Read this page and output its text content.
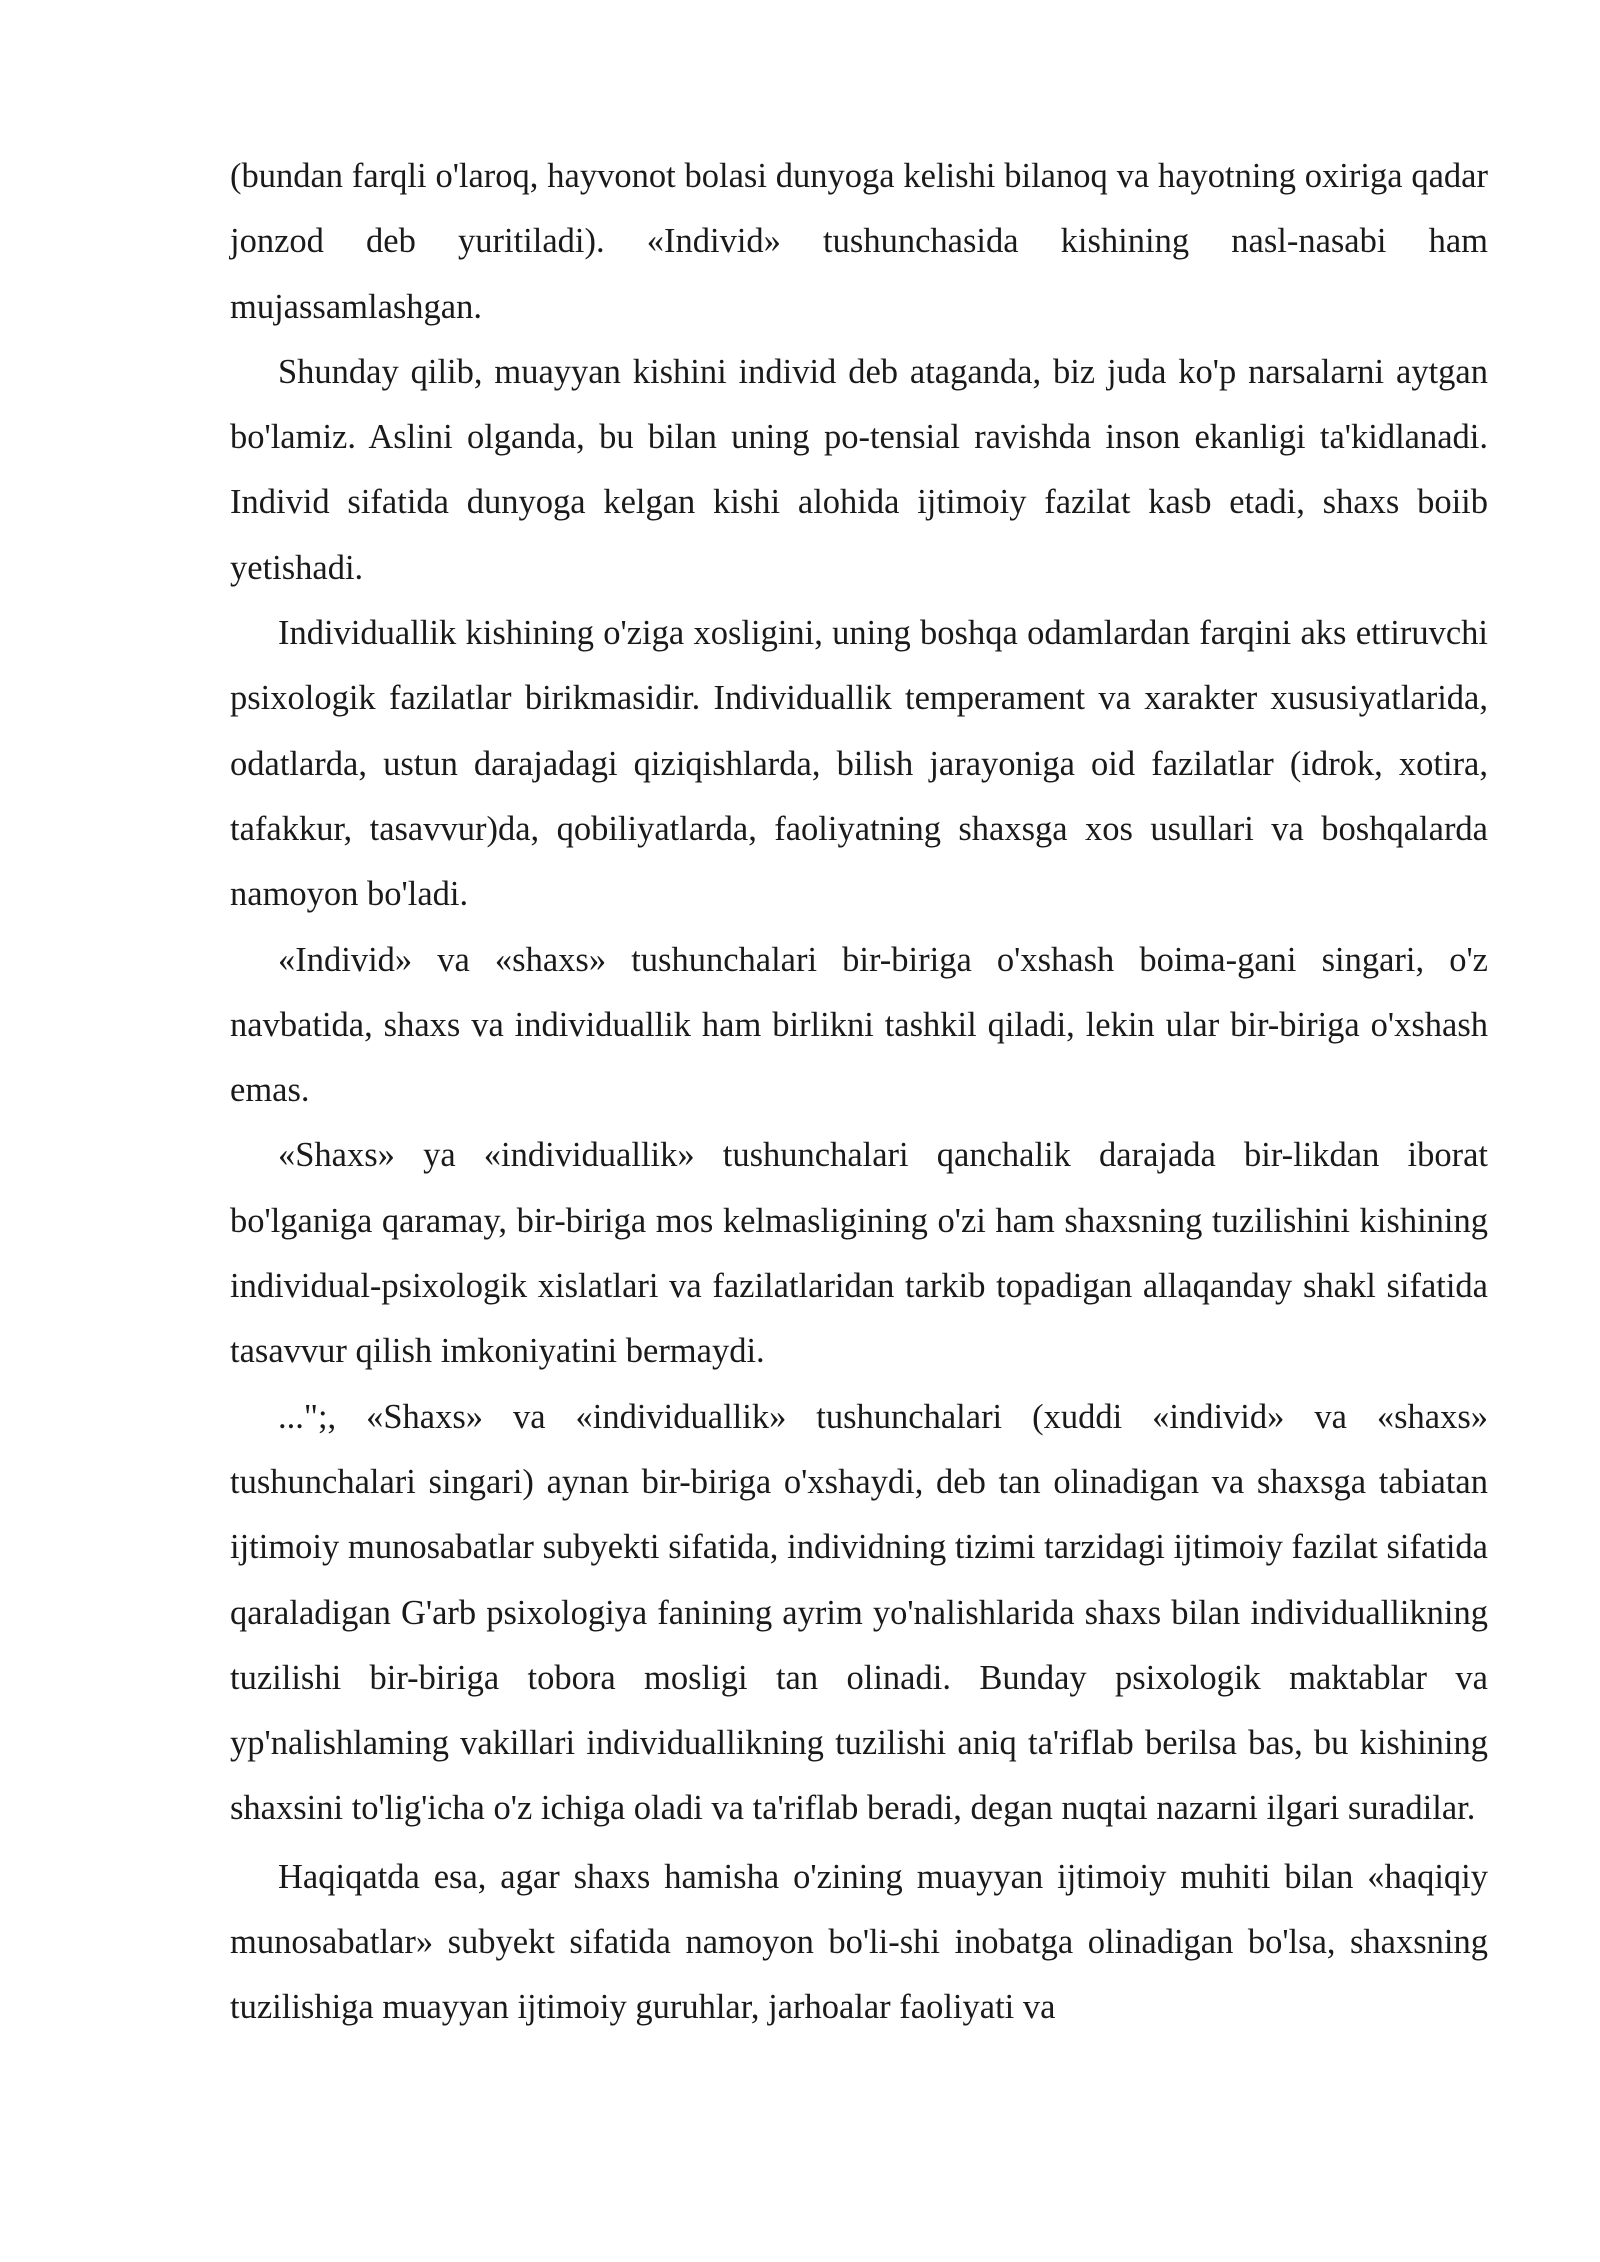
(bundan farqli o'laroq, hayvonot bolasi dunyoga kelishi bilanoq va hayotning oxiriga qadar jonzod deb yuritiladi). «Individ» tushunchasida kishining nasl-nasabi ham mujassamlashgan.

Shunday qilib, muayyan kishini individ deb ataganda, biz juda ko'p narsalarni aytgan bo'lamiz. Aslini olganda, bu bilan uning po-tensial ravishda inson ekanligi ta'kidlanadi. Individ sifatida dunyoga kelgan kishi alohida ijtimoiy fazilat kasb etadi, shaxs boiib yetishadi.

Individuallik kishining o'ziga xosligini, uning boshqa odamlardan farqini aks ettiruvchi psixologik fazilatlar birikmasidir. Individuallik temperament va xarakter xususiyatlarida, odatlarda, ustun darajadagi qiziqishlarda, bilish jarayoniga oid fazilatlar (idrok, xotira, tafakkur, tasavvur)da, qobiliyatlarda, faoliyatning shaxsga xos usullari va boshqalarda namoyon bo'ladi.

«Individ» va «shaxs» tushunchalari bir-biriga o'xshash boima-gani singari, o'z navbatida, shaxs va individuallik ham birlikni tashkil qiladi, lekin ular bir-biriga o'xshash emas.

«Shaxs» ya «individuallik» tushunchalari qanchalik darajada bir-likdan iborat bo'lganiga qaramay, bir-biriga mos kelmasligining o'zi ham shaxsning tuzilishini kishining individual-psixologik xislatlari va fazilatlaridan tarkib topadigan allaqanday shakl sifatida tasavvur qilish imkoniyatini bermaydi.

...";, «Shaxs» va «individuallik» tushunchalari (xuddi «individ» va «shaxs» tushunchalari singari) aynan bir-biriga o'xshaydi, deb tan olinadigan va shaxsga tabiatan ijtimoiy munosabatlar subyekti sifatida, individning tizimi tarzidagi ijtimoiy fazilat sifatida qaraladigan G'arb psixologiya fanining ayrim yo'nalishlarida shaxs bilan individuallikning tuzilishi bir-biriga tobora mosligi tan olinadi. Bunday psixologik maktablar va yp'nalishlaming vakillari individuallikning tuzilishi aniq ta'riflab berilsa bas, bu kishining shaxsini to'lig'icha o'z ichiga oladi va ta'riflab beradi, degan nuqtai nazarni ilgari suradilar.

Haqiqatda esa, agar shaxs hamisha o'zining muayyan ijtimoiy muhiti bilan «haqiqiy munosabatlar» subyekt sifatida namoyon bo'li-shi inobatga olinadigan bo'lsa, shaxsning tuzilishiga muayyan ijtimoiy guruhlar, jarhoalar faoliyati va
